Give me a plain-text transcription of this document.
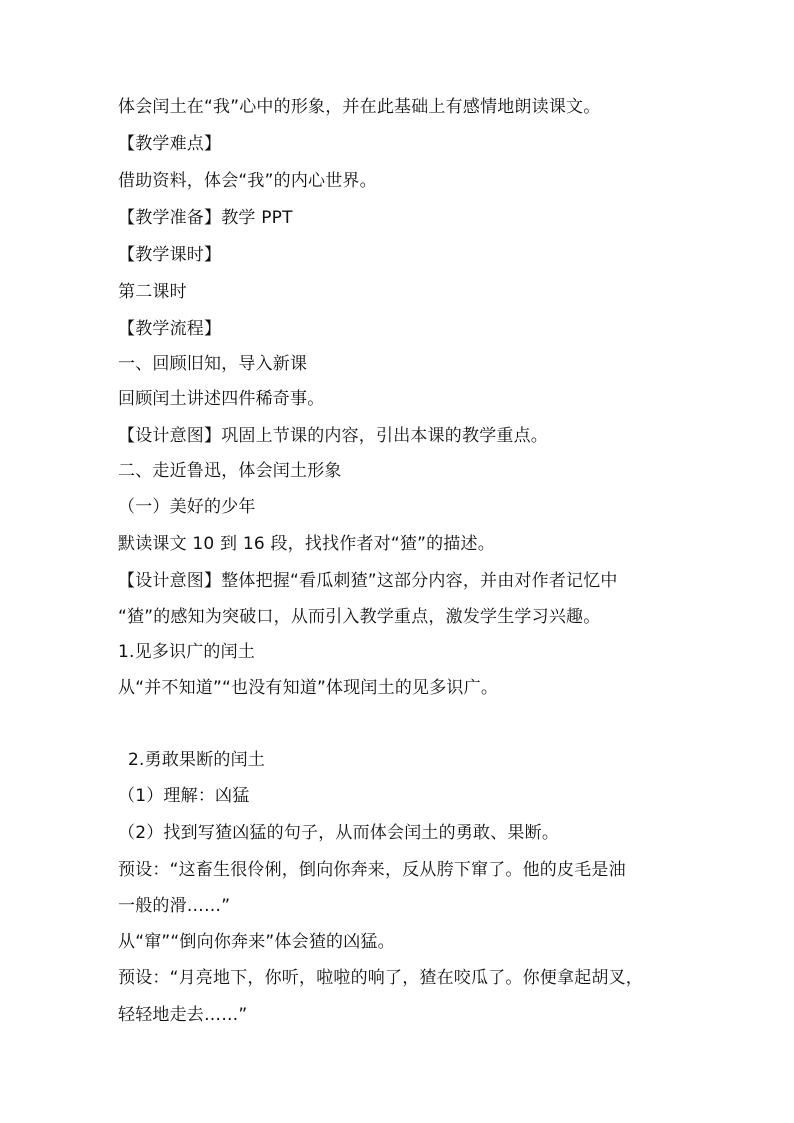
体会闰土在“我”心中的形象，并在此基础上有感情地朗读课文。
【教学难点】
借助资料，体会“我”的内心世界。
【教学准备】教学 PPT
【教学课时】
第二课时
【教学流程】
一、回顾旧知，导入新课
回顾闰土讲述四件稀奇事。
【设计意图】巩固上节课的内容，引出本课的教学重点。
二、走近鲁迅，体会闰土形象
（一）美好的少年
默读课文 10 到 16 段，找找作者对“猹”的描述。
【设计意图】整体把握“看瓜刺猹”这部分内容，并由对作者记忆中
“猹”的感知为突破口，从而引入教学重点，激发学生学习兴趣。
1.见多识广的闰土
从“并不知道”“也没有知道”体现闰土的见多识广。
2.勇敢果断的闰土
（1）理解：凶猛
（2）找到写猹凶猛的句子，从而体会闰土的勇敢、果断。
预设：“这畜生很伶俐，倒向你奔来，反从胯下窜了。他的皮毛是油
一般的滑……”
从“窜”“倒向你奔来”体会猹的凶猛。
预设：“月亮地下，你听，啦啦的响了，猹在咬瓜了。你便拿起胡叉，
轻轻地走去……”
